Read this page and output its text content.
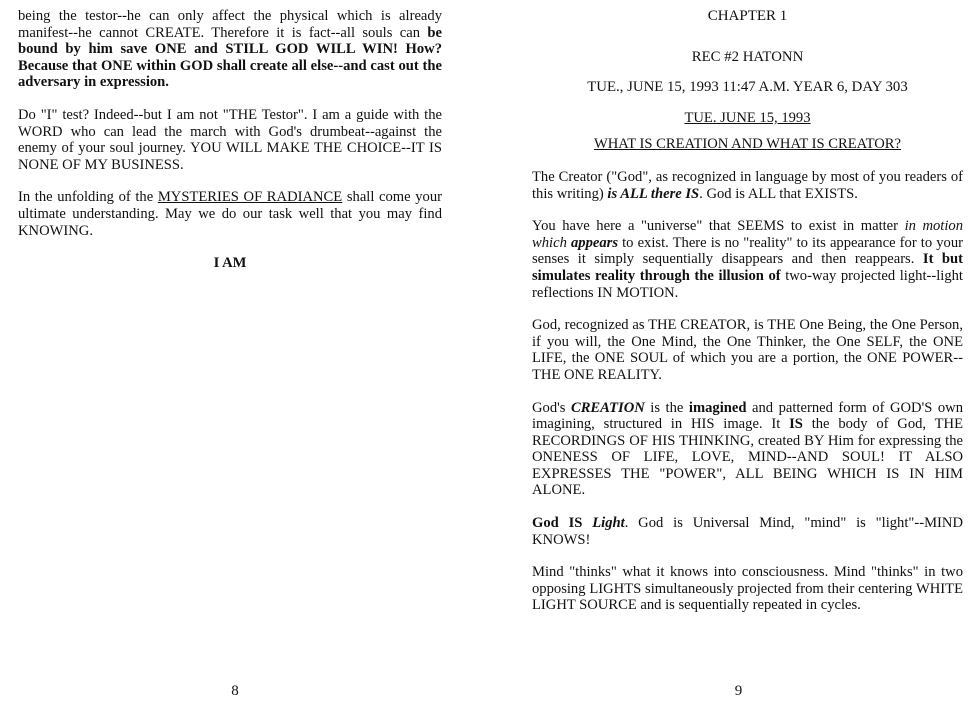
being the testor--he can only affect the physical which is already manifest--he cannot CREATE. Therefore it is fact--all souls can be bound by him save ONE and STILL GOD WILL WIN! How? Because that ONE within GOD shall create all else--and cast out the adversary in expression.

Do "I" test? Indeed--but I am not "THE Testor". I am a guide with the WORD who can lead the march with God's drumbeat--against the enemy of your soul journey. YOU WILL MAKE THE CHOICE--IT IS NONE OF MY BUSINESS.

In the unfolding of the MYSTERIES OF RADIANCE shall come your ultimate understanding. May we do our task well that you may find KNOWING.

I AM
8

CHAPTER 1

REC #2 HATONN

TUE., JUNE 15, 1993 11:47 A.M. YEAR 6, DAY 303

TUE. JUNE 15, 1993

WHAT IS CREATION AND WHAT IS CREATOR?

The Creator ("God", as recognized in language by most of you readers of this writing) is ALL there IS. God is ALL that EXISTS.

You have here a "universe" that SEEMS to exist in matter in motion which appears to exist. There is no "reality" to its appearance for to your senses it simply sequentially disappears and then reappears. It but simulates reality through the illusion of two-way projected light--light reflections IN MOTION.

God, recognized as THE CREATOR, is THE One Being, the One Person, if you will, the One Mind, the One Thinker, the One SELF, the ONE LIFE, the ONE SOUL of which you are a portion, the ONE POWER--THE ONE REALITY.

God's CREATION is the imagined and patterned form of GOD'S own imagining, structured in HIS image. It IS the body of God, THE RECORDINGS OF HIS THINKING, created BY Him for expressing the ONENESS OF LIFE, LOVE, MIND--AND SOUL! IT ALSO EXPRESSES THE "POWER", ALL BEING WHICH IS IN HIM ALONE.

God IS Light. God is Universal Mind, "mind" is "light"--MIND KNOWS!

Mind "thinks" what it knows into consciousness. Mind "thinks" in two opposing LIGHTS simultaneously projected from their centering WHITE LIGHT SOURCE and is sequentially repeated in cycles.

9
